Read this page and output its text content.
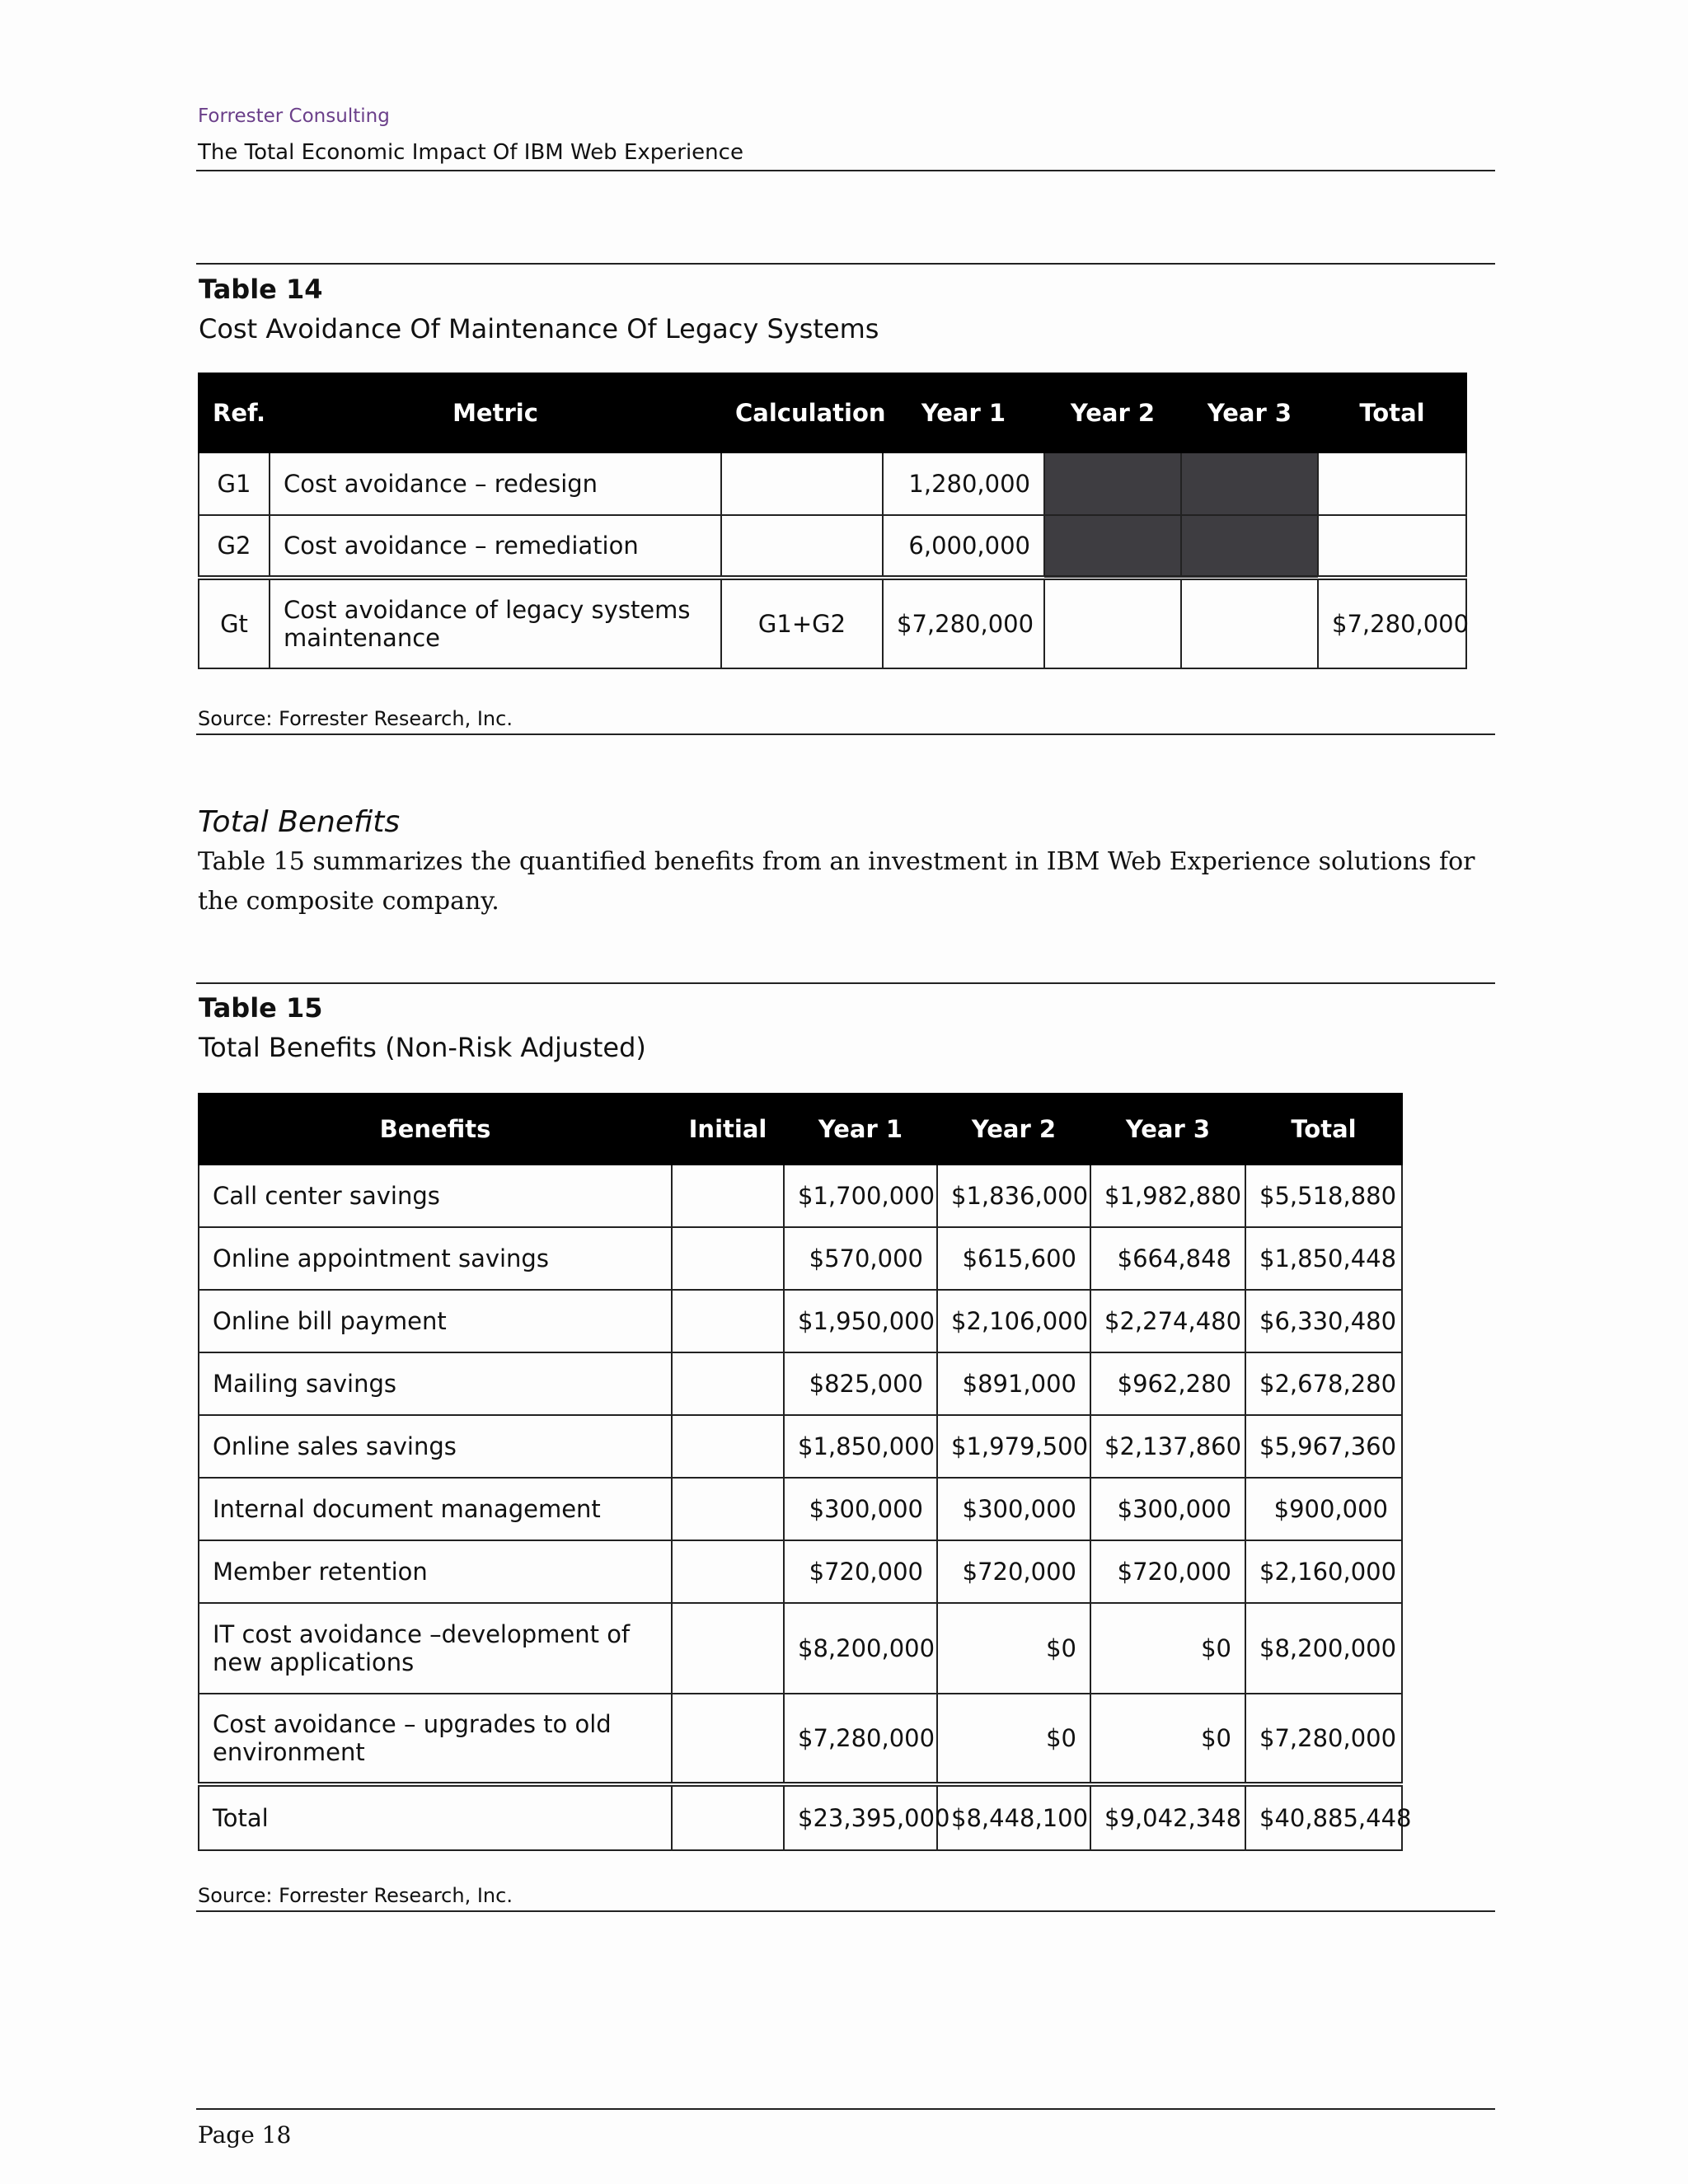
Forrester Consulting
The Total Economic Impact Of IBM Web Experience
Table 14
Cost Avoidance Of Maintenance Of Legacy Systems
Ref.	Metric	Calculation	Year 1	Year 2	Year 3	Total
G1	Cost avoidance – redesign		1,280,000			
G2	Cost avoidance – remediation		6,000,000			
Gt	Cost avoidance of legacy systems maintenance	G1+G2	$7,280,000			$7,280,000
Source: Forrester Research, Inc.
Total Benefits
Table 15 summarizes the quantified benefits from an investment in IBM Web Experience solutions for the composite company.
Table 15
Total Benefits (Non-Risk Adjusted)
Benefits	Initial	Year 1	Year 2	Year 3	Total
Call center savings		$1,700,000	$1,836,000	$1,982,880	$5,518,880
Online appointment savings		$570,000	$615,600	$664,848	$1,850,448
Online bill payment		$1,950,000	$2,106,000	$2,274,480	$6,330,480
Mailing savings		$825,000	$891,000	$962,280	$2,678,280
Online sales savings		$1,850,000	$1,979,500	$2,137,860	$5,967,360
Internal document management		$300,000	$300,000	$300,000	$900,000
Member retention		$720,000	$720,000	$720,000	$2,160,000
IT cost avoidance –development of new applications		$8,200,000	$0	$0	$8,200,000
Cost avoidance – upgrades to old environment		$7,280,000	$0	$0	$7,280,000
Total		$23,395,000	$8,448,100	$9,042,348	$40,885,448
Source: Forrester Research, Inc.
Page 18
